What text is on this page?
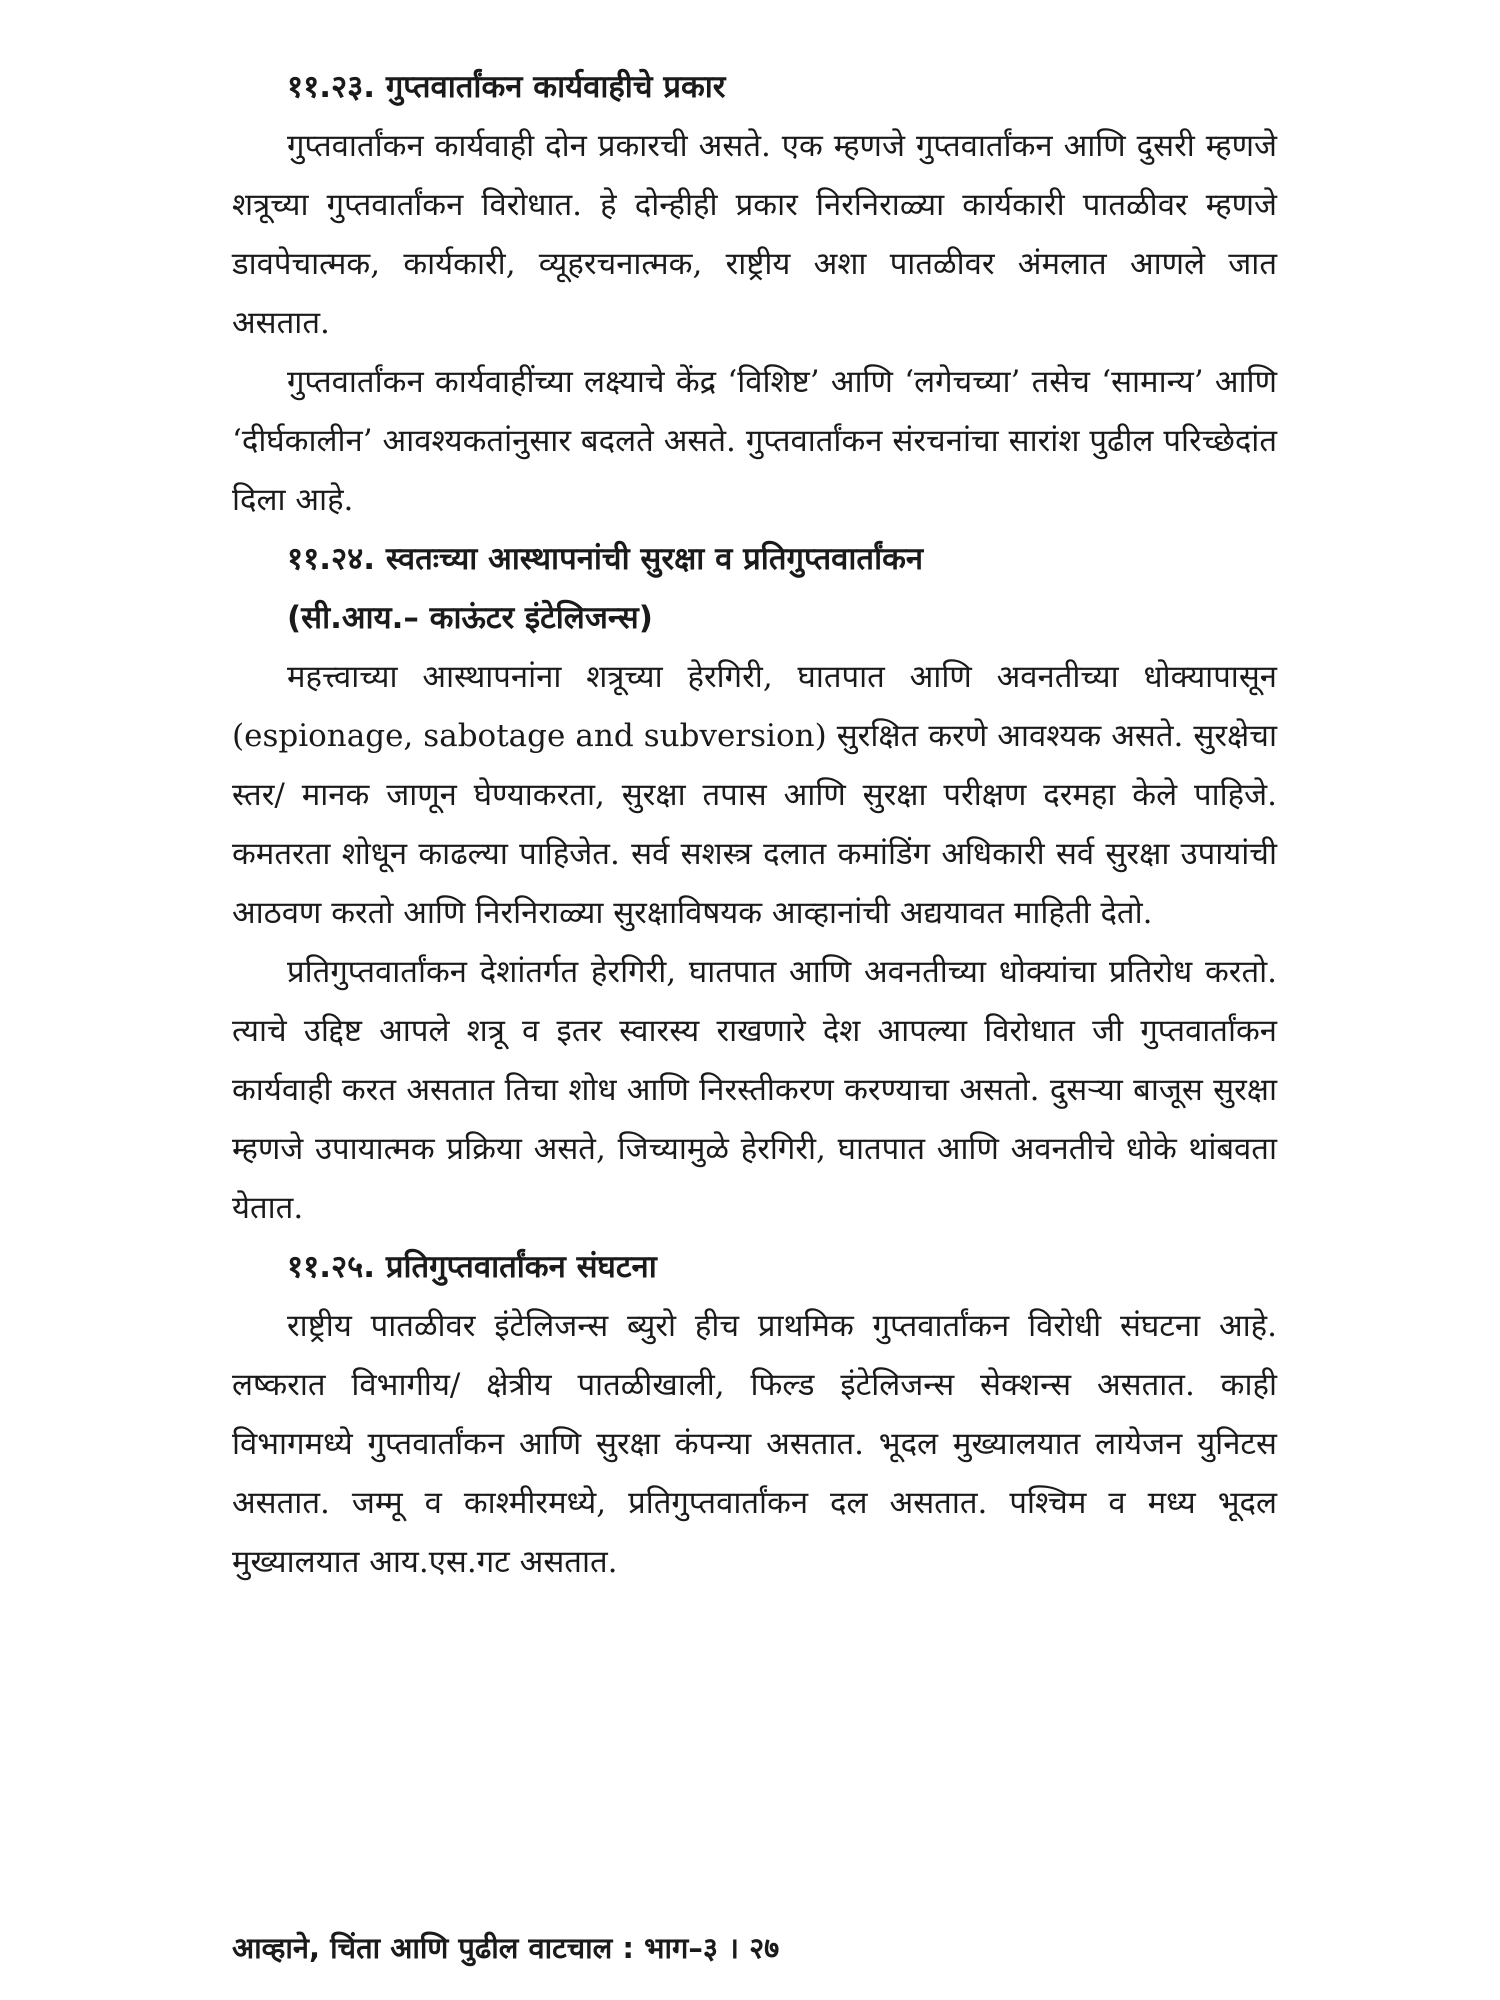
११.२३. गुप्तवार्तांकन कार्यवाहीचे प्रकार

गुप्तवार्तांकन कार्यवाही दोन प्रकारची असते. एक म्हणजे गुप्तवार्तांकन आणि दुसरी म्हणजे शत्रूच्या गुप्तवार्तांकन विरोधात. हे दोन्हीही प्रकार निरनिराळ्या कार्यकारी पातळीवर म्हणजे डावपेचात्मक, कार्यकारी, व्यूहरचनात्मक, राष्ट्रीय अशा पातळीवर अंमलात आणले जात असतात.

गुप्तवार्तांकन कार्यवाहींच्या लक्ष्याचे केंद्र ‘विशिष्ट’ आणि ‘लगेचच्या’ तसेच ‘सामान्य’ आणि ‘दीर्घकालीन’ आवश्यकतांनुसार बदलते असते. गुप्तवार्तांकन संरचनांचा सारांश पुढील परिच्छेदांत दिला आहे.

११.२४. स्वतःच्या आस्थापनांची सुरक्षा व प्रतिगुप्तवार्तांकन
(सी.आय.– काऊंटर इंटेलिजन्स)

महत्त्वाच्या आस्थापनांना शत्रूच्या हेरगिरी, घातपात आणि अवनतीच्या धोक्यापासून (espionage, sabotage and subversion) सुरक्षित करणे आवश्यक असते. सुरक्षेचा स्तर/ मानक जाणून घेण्याकरता, सुरक्षा तपास आणि सुरक्षा परीक्षण दरमहा केले पाहिजे. कमतरता शोधून काढल्या पाहिजेत. सर्व सशस्त्र दलात कमांडिंग अधिकारी सर्व सुरक्षा उपायांची आठवण करतो आणि निरनिराळ्या सुरक्षाविषयक आव्हानांची अद्ययावत माहिती देतो.

प्रतिगुप्तवार्तांकन देशांतर्गत हेरगिरी, घातपात आणि अवनतीच्या धोक्यांचा प्रतिरोध करतो. त्याचे उद्दिष्ट आपले शत्रू व इतर स्वारस्य राखणारे देश आपल्या विरोधात जी गुप्तवार्तांकन कार्यवाही करत असतात तिचा शोध आणि निरस्तीकरण करण्याचा असतो. दुसऱ्या बाजूस सुरक्षा म्हणजे उपायात्मक प्रक्रिया असते, जिच्यामुळे हेरगिरी, घातपात आणि अवनतीचे धोके थांबवता येतात.

११.२५. प्रतिगुप्तवार्तांकन संघटना

राष्ट्रीय पातळीवर इंटेलिजन्स ब्युरो हीच प्राथमिक गुप्तवार्तांकन विरोधी संघटना आहे. लष्करात विभागीय/ क्षेत्रीय पातळीखाली, फिल्ड इंटेलिजन्स सेक्शन्स असतात. काही विभागमध्ये गुप्तवार्तांकन आणि सुरक्षा कंपन्या असतात. भूदल मुख्यालयात लायेजन युनिटस असतात. जम्मू व काश्मीरमध्ये, प्रतिगुप्तवार्तांकन दल असतात. पश्चिम व मध्य भूदल मुख्यालयात आय.एस.गट असतात.

आव्हाने, चिंता आणि पुढील वाटचाल : भाग–३ । २७
